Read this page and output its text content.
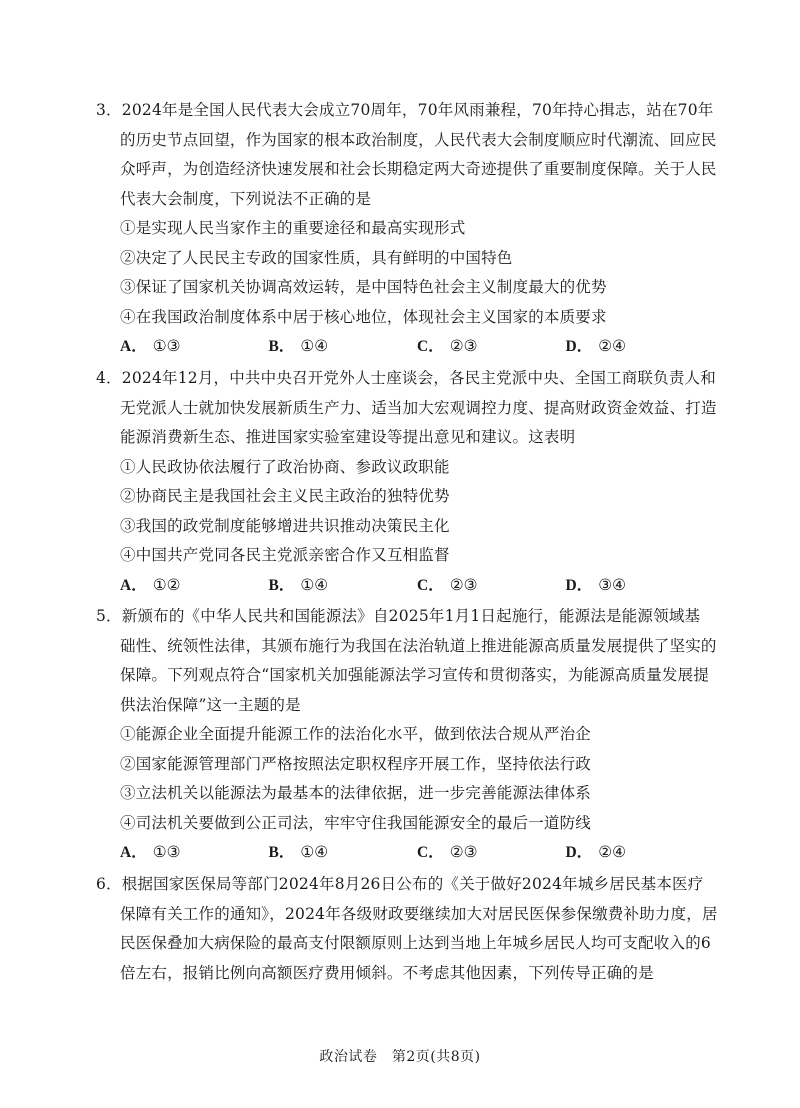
3．2024年是全国人民代表大会成立70周年，70年风雨兼程，70年持心揖志，站在70年
的历史节点回望，作为国家的根本政治制度，人民代表大会制度顺应时代潮流、回应民
众呼声，为创造经济快速发展和社会长期稳定两大奇迹提供了重要制度保障。关于人民
代表大会制度，下列说法不正确的是
①是实现人民当家作主的重要途径和最高实现形式
②决定了人民民主专政的国家性质，具有鲜明的中国特色
③保证了国家机关协调高效运转，是中国特色社会主义制度最大的优势
④在我国政治制度体系中居于核心地位，体现社会主义国家的本质要求
A． ①③	B． ①④	C． ②③	D． ②④
4．2024年12月，中共中央召开党外人士座谈会，各民主党派中央、全国工商联负责人和
无党派人士就加快发展新质生产力、适当加大宏观调控力度、提高财政资金效益、打造
能源消费新生态、推进国家实验室建设等提出意见和建议。这表明
①人民政协依法履行了政治协商、参政议政职能
②协商民主是我国社会主义民主政治的独特优势
③我国的政党制度能够增进共识推动决策民主化
④中国共产党同各民主党派亲密合作又互相监督
A． ①②	B． ①④	C． ②③	D． ③④
5．新颁布的《中华人民共和国能源法》自2025年1月1日起施行，能源法是能源领域基
础性、统领性法律，其颁布施行为我国在法治轨道上推进能源高质量发展提供了坚实的
保障。下列观点符合“国家机关加强能源法学习宣传和贯彻落实，为能源高质量发展提
供法治保障”这一主题的是
①能源企业全面提升能源工作的法治化水平，做到依法合规从严治企
②国家能源管理部门严格按照法定职权程序开展工作，坚持依法行政
③立法机关以能源法为最基本的法律依据，进一步完善能源法律体系
④司法机关要做到公正司法，牢牢守住我国能源安全的最后一道防线
A． ①③	B． ①④	C． ②③	D． ②④
6．根据国家医保局等部门2024年8月26日公布的《关于做好2024年城乡居民基本医疗
保障有关工作的通知》，2024年各级财政要继续加大对居民医保参保缴费补助力度，居
民医保叠加大病保险的最高支付限额原则上达到当地上年城乡居民人均可支配收入的6
倍左右，报销比例向高额医疗费用倾斜。不考虑其他因素，下列传导正确的是
政治试卷　第2页(共8页)
